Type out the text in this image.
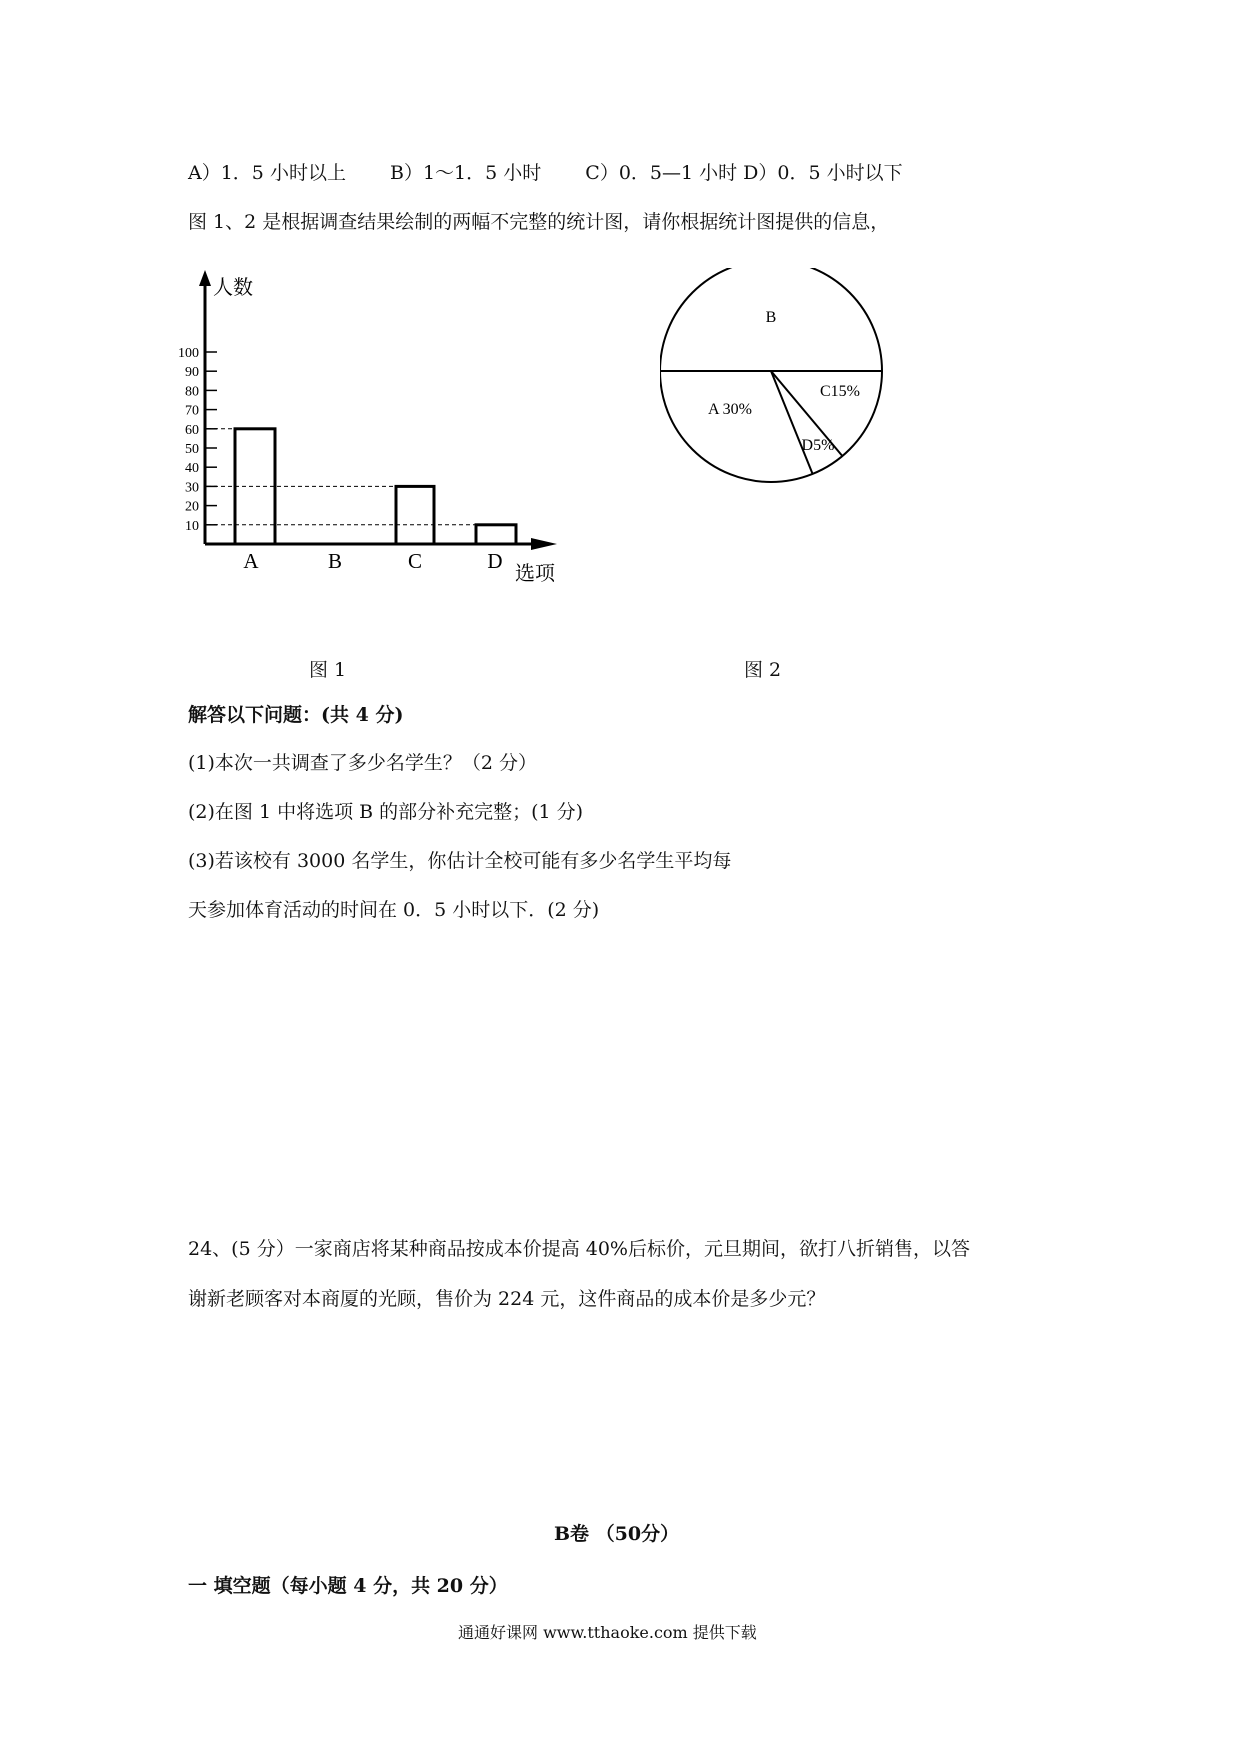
A）1．5 小时以上　　 B）1～1．5 小时　　 C）0．5—1 小时 D）0．5 小时以下
图 1、2 是根据调查结果绘制的两幅不完整的统计图，请你根据统计图提供的信息，
人数
选项
10
20
30
40
50
60
70
80
90
100
A	B	C	D
B
A 30%
C15%
D5%
图 1	图 2
解答以下问题：(共 4 分)
(1)本次一共调查了多少名学生？（2 分）
(2)在图 1 中将选项 B 的部分补充完整；(1 分)
(3)若该校有 3000 名学生，你估计全校可能有多少名学生平均每
天参加体育活动的时间在 0．5 小时以下．(2 分)
24、(5 分）一家商店将某种商品按成本价提高 40%后标价，元旦期间，欲打八折销售，以答
谢新老顾客对本商厦的光顾，售价为 224 元，这件商品的成本价是多少元？
B卷 （50分）
一 填空题（每小题 4 分，共 20 分）
通通好课网 www.tthaoke.com 提供下载
